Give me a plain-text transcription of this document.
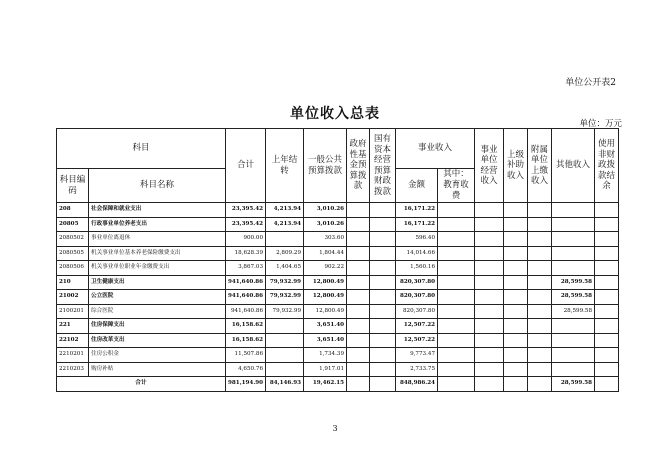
单位公开表2
单位收入总表
单位：万元
科目		合计	上年结转	一般公共预算拨款	政府性基金预算拨款	国有资本经营预算财政拨款	事业收入		事业单位经营收入	上级补助收入	附属单位上缴收入	其他收入	使用非财政拨款结余
科目编码	科目名称						金额	其中：教育收费					
208	社会保障和就业支出	23,395.42	4,213.94	3,010.26			16,171.22						
20805	行政事业单位养老支出	23,395.42	4,213.94	3,010.26			16,171.22						
2080502	事业单位离退休	900.00		303.60			596.40						
2080505	机关事业单位基本养老保险缴费支出	18,628.39	2,809.29	1,804.44			14,014.66						
2080506	机关事业单位职业年金缴费支出	3,867.03	1,404.65	902.22			1,560.16						
210	卫生健康支出	941,640.86	79,932.99	12,800.49			820,307.80					28,599.58	
21002	公立医院	941,640.86	79,932.99	12,800.49			820,307.80					28,599.58	
2100201	综合医院	941,640.86	79,932.99	12,800.49			820,307.80					28,599.58	
221	住房保障支出	16,158.62		3,651.40			12,507.22						
22102	住房改革支出	16,158.62		3,651.40			12,507.22						
2210201	住房公积金	11,507.86		1,734.39			9,773.47						
2210203	购房补贴	4,650.76		1,917.01			2,733.75						
合计		981,194.90	84,146.93	19,462.15			848,986.24					28,599.58	
3
